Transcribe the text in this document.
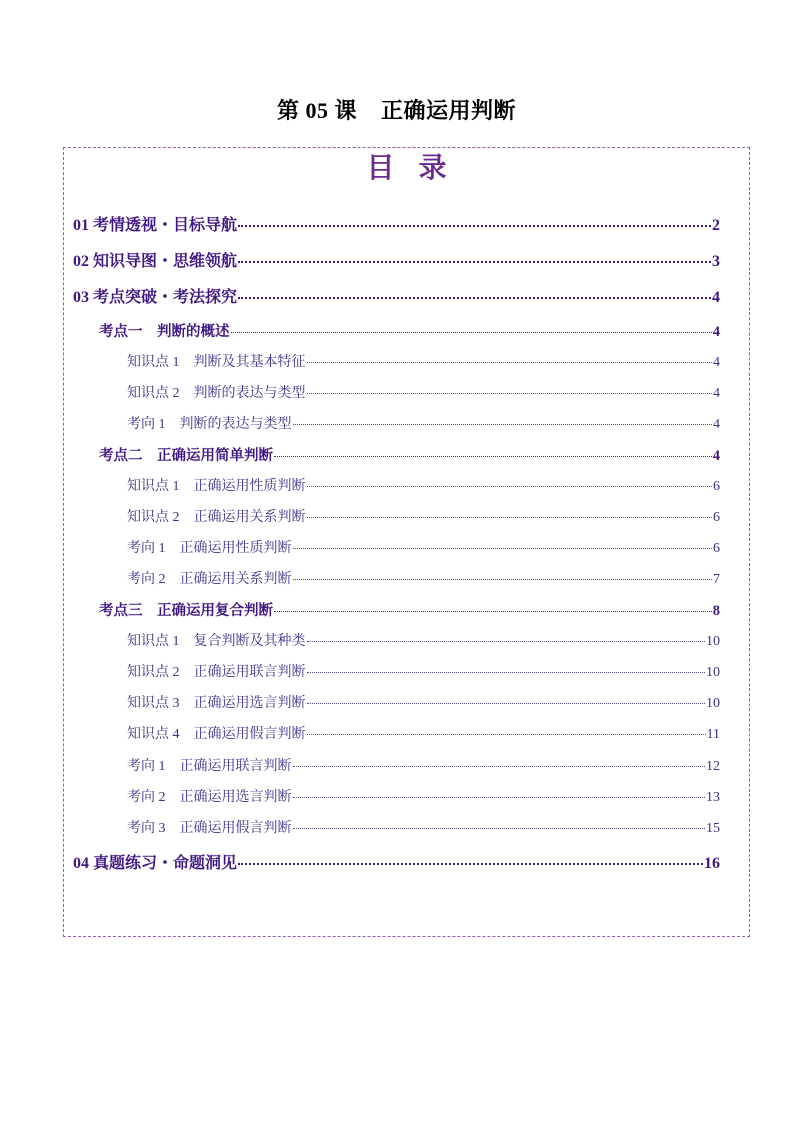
第 05 课    正确运用判断
目录
01 考情透视・目标导航	2
02 知识导图・思维领航	3
03 考点突破・考法探究	4
考点一    判断的概述	4
知识点 1    判断及其基本特征	4
知识点 2    判断的表达与类型	4
考向 1    判断的表达与类型	4
考点二    正确运用简单判断	4
知识点 1    正确运用性质判断	6
知识点 2    正确运用关系判断	6
考向 1    正确运用性质判断	6
考向 2    正确运用关系判断	7
考点三    正确运用复合判断	8
知识点 1    复合判断及其种类	10
知识点 2    正确运用联言判断	10
知识点 3    正确运用选言判断	10
知识点 4    正确运用假言判断	11
考向 1    正确运用联言判断	12
考向 2    正确运用选言判断	13
考向 3    正确运用假言判断	15
04 真题练习・命题洞见	16
